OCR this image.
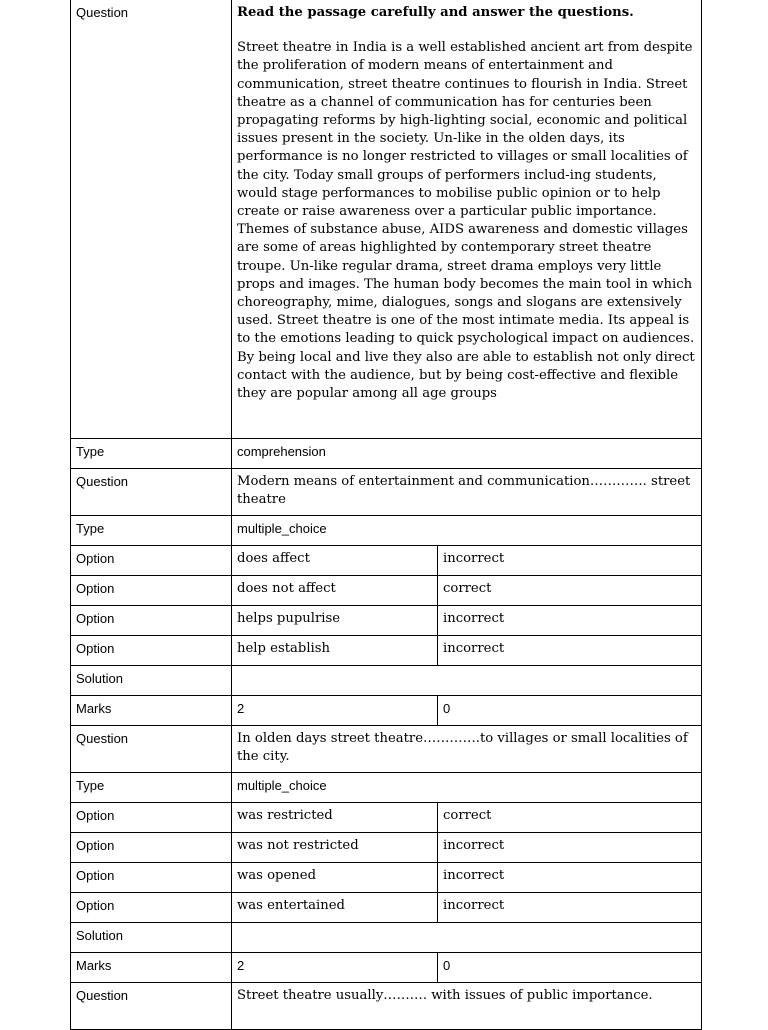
Question	Read the passage carefully and answer the questions.

Street theatre in India is a well established ancient art from despite the proliferation of modern means of entertainment and communication, street theatre continues to flourish in India. Street theatre as a channel of communication has for centuries been propagating reforms by high-lighting social, economic and political issues present in the society. Un-like in the olden days, its performance is no longer restricted to villages or small localities of the city. Today small groups of performers includ-ing students, would stage performances to mobilise public opinion or to help create or raise awareness over a particular public importance. Themes of substance abuse, AIDS awareness and domestic villages are some of areas highlighted by contemporary street theatre troupe. Un-like regular drama, street drama employs very little props and images. The human body becomes the main tool in which choreography, mime, dialogues, songs and slogans are extensively used. Street theatre is one of the most intimate media. Its appeal is to the emotions leading to quick psychological impact on audiences. By being local and live they also are able to establish not only direct contact with the audience, but by being cost-effective and flexible they are popular among all age groups	

Type	comprehension	
Question	Modern means of entertainment and communication…………. street theatre	
Type	multiple_choice	
Option	does affect	incorrect
Option	does not affect	correct
Option	helps pupulrise	incorrect
Option	help establish	incorrect
Solution		
Marks	2	0
Question	In olden days street theatre………….to villages or small localities of the city.	
Type	multiple_choice	
Option	was restricted	correct
Option	was not restricted	incorrect
Option	was opened	incorrect
Option	was entertained	incorrect
Solution		
Marks	2	0
Question	Street theatre usually………. with issues of public importance.	
